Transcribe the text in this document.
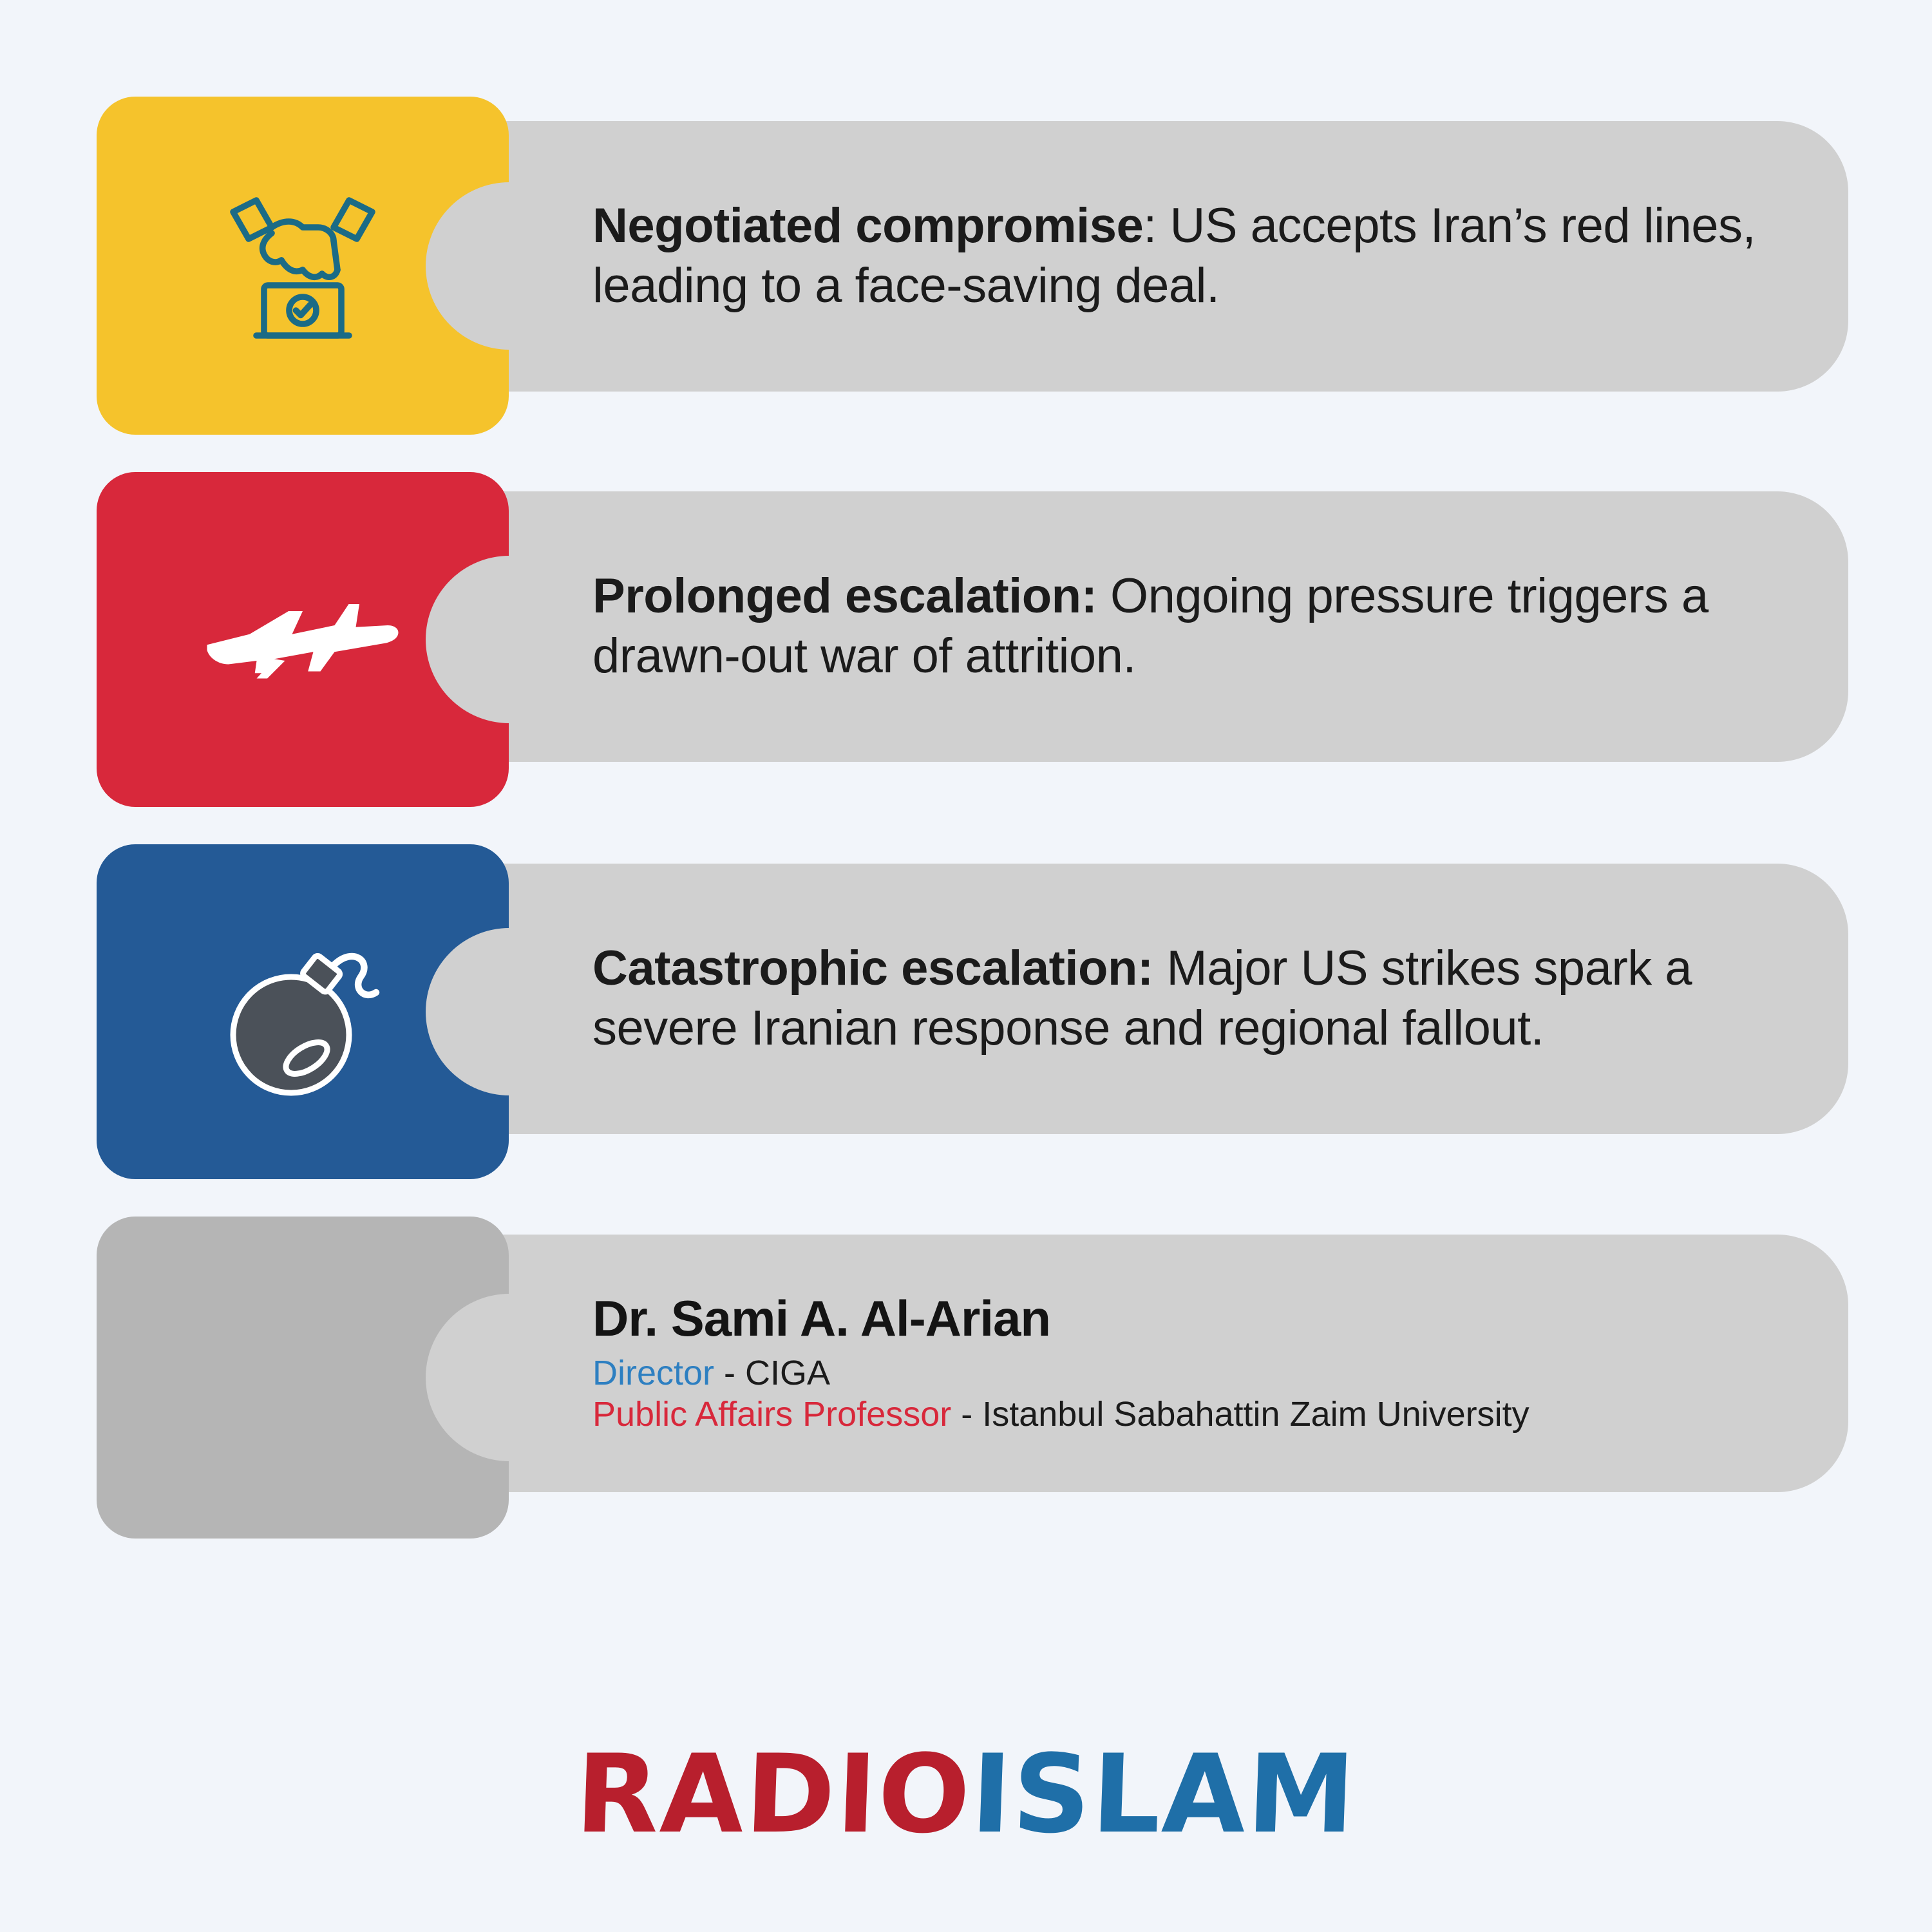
Negotiated compromise: US accepts Iran’s red lines, leading to a face-saving deal.

Prolonged escalation: Ongoing pressure triggers a drawn-out war of attrition.

Catastrophic escalation: Major US strikes spark a severe Iranian response and regional fallout.

Dr. Sami A. Al-Arian
Director - CIGA
Public Affairs Professor - Istanbul Sabahattin Zaim University
RADIO
ISLAM
